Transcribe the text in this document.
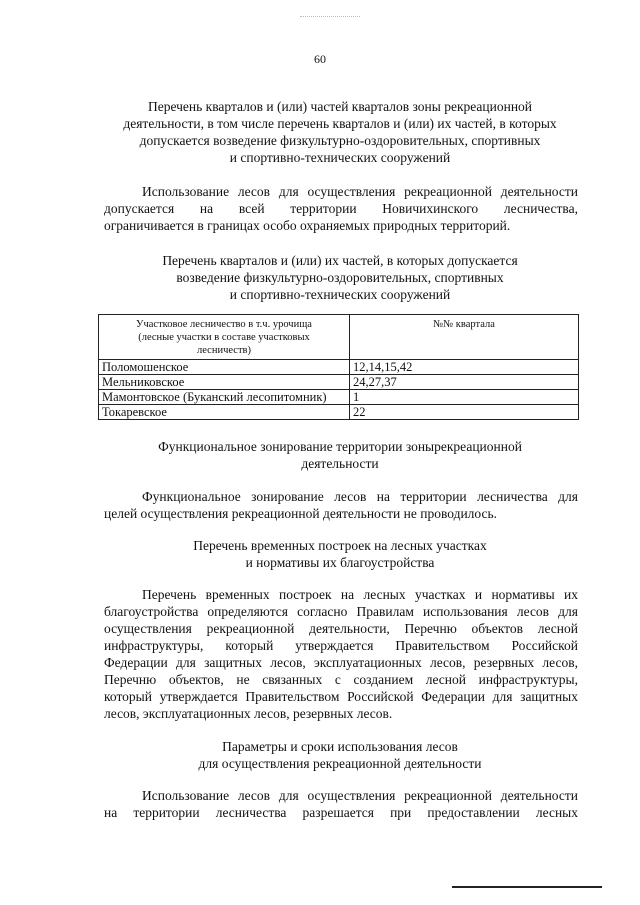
60
Перечень кварталов и (или) частей кварталов зоны рекреационной
деятельности, в том числе перечень кварталов и (или) их частей, в которых
допускается возведение физкультурно-оздоровительных, спортивных
и спортивно-технических сооружений
Использование лесов для осуществления рекреационной деятельности
допускается на всей территории Новичихинского лесничества,
ограничивается в границах особо охраняемых природных территорий.
Перечень кварталов и (или) их частей, в которых допускается
возведение физкультурно-оздоровительных, спортивных
и спортивно-технических сооружений
Участковое лесничество в т.ч. урочища
(лесные участки в составе участковых
лесничеств)	№№ квартала
Поломошенское	12,14,15,42
Мельниковское	24,27,37
Мамонтовское (Буканский лесопитомник)	1
Токаревское	22
Функциональное зонирование территории зонырекреационной
деятельности
Функциональное зонирование лесов на территории лесничества для
целей осуществления рекреационной деятельности не проводилось.
Перечень временных построек на лесных участках
и нормативы их благоустройства
Перечень временных построек на лесных участках и нормативы их
благоустройства определяются согласно Правилам использования лесов для
осуществления рекреационной деятельности, Перечню объектов лесной
инфраструктуры, который утверждается Правительством Российской
Федерации для защитных лесов, эксплуатационных лесов, резервных лесов,
Перечню объектов, не связанных с созданием лесной инфраструктуры,
который утверждается Правительством Российской Федерации для защитных
лесов, эксплуатационных лесов, резервных лесов.
Параметры и сроки использования лесов
для осуществления рекреационной деятельности
Использование лесов для осуществления рекреационной деятельности
на территории лесничества разрешается при предоставлении лесных
